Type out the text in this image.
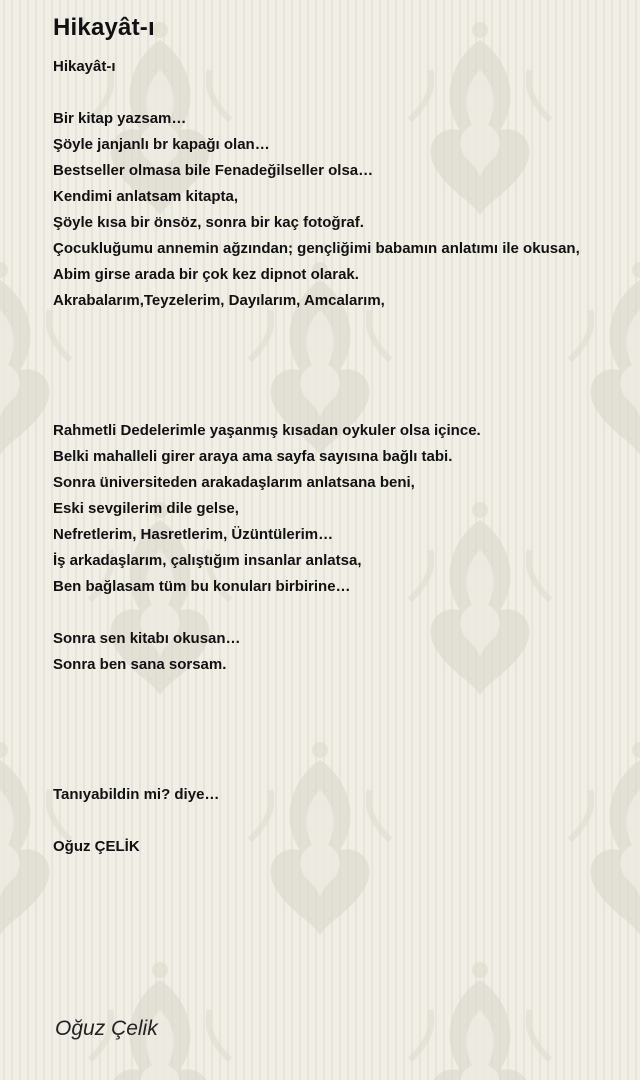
Hikayât-ı
Hikayât-ı
Bir kitap yazsam…
Şöyle janjanlı br kapağı olan…
Bestseller olmasa bile Fenadeğilseller olsa…
Kendimi anlatsam kitapta,
Şöyle kısa bir önsöz, sonra bir kaç fotoğraf.
Çocukluğumu annemin ağzından; gençliğimi babamın anlatımı ile okusan,
Abim girse arada bir çok kez dipnot olarak.
Akrabalarım,Teyzelerim, Dayılarım, Amcalarım,
Rahmetli Dedelerimle yaşanmış kısadan oykuler olsa içince.
Belki mahalleli girer araya ama sayfa sayısına bağlı tabi.
Sonra üniversiteden arakadaşlarım anlatsana beni,
Eski sevgilerim dile gelse,
Nefretlerim, Hasretlerim, Üzüntülerim…
İş arkadaşlarım, çalıştığım insanlar anlatsa,
Ben bağlasam tüm bu konuları birbirine…
Sonra sen kitabı okusan…
Sonra ben sana sorsam.
Tanıyabildin mi? diye…
Oğuz ÇELİK
Oğuz Çelik
